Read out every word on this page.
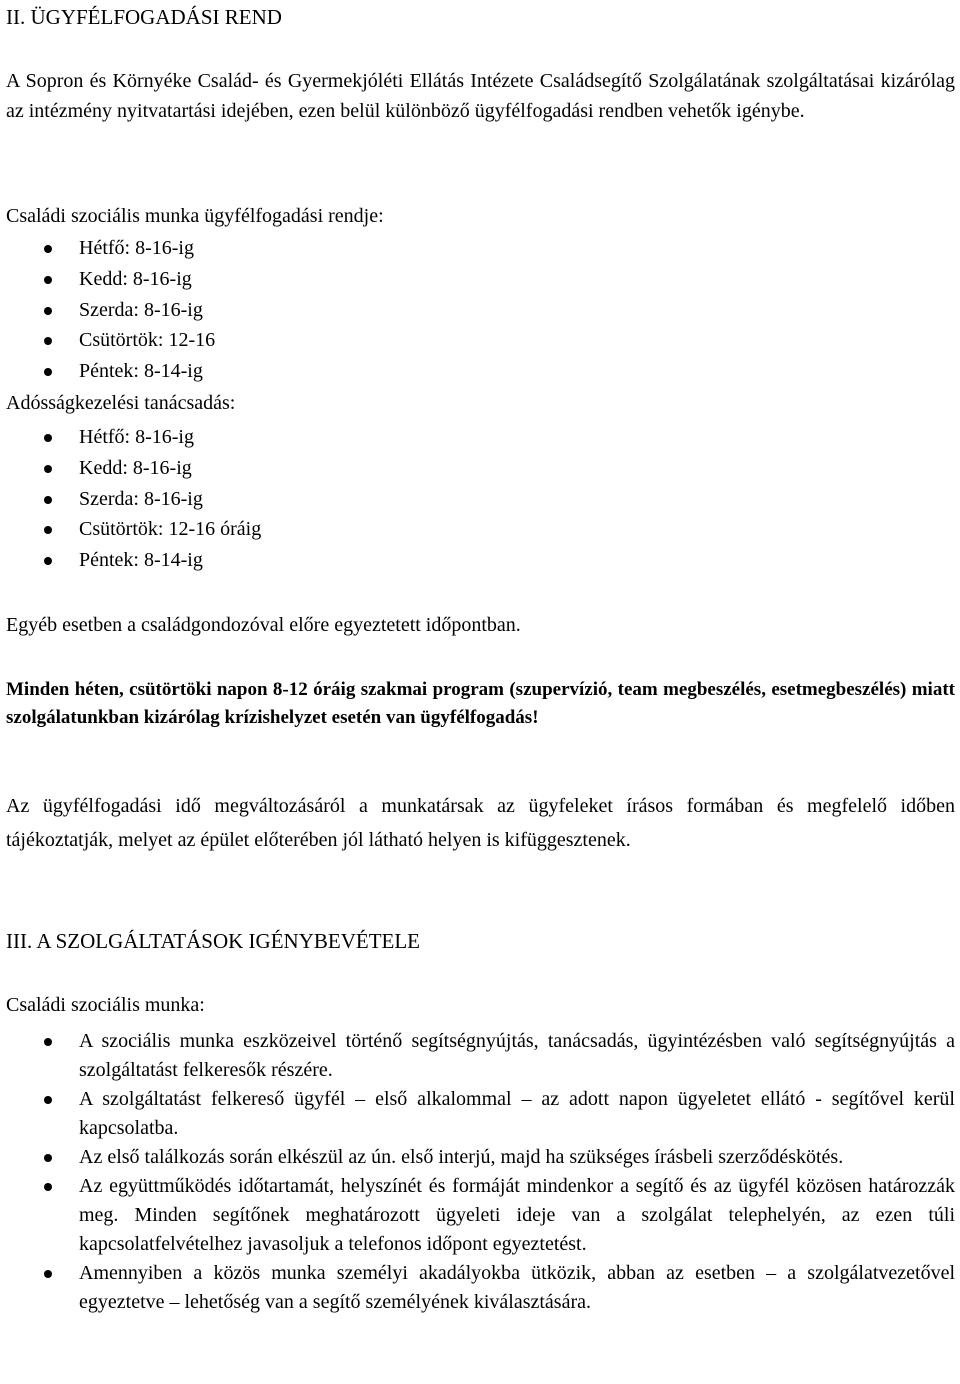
II. ÜGYFÉLFOGADÁSI REND
A Sopron és Környéke Család- és Gyermekjóléti Ellátás Intézete Családsegítő Szolgálatának szolgáltatásai kizárólag az intézmény nyitvatartási idejében, ezen belül különböző ügyfélfogadási rendben vehetők igénybe.
Családi szociális munka ügyfélfogadási rendje:
Hétfő: 8-16-ig
Kedd: 8-16-ig
Szerda: 8-16-ig
Csütörtök: 12-16
Péntek: 8-14-ig
Adósságkezelési tanácsadás:
Hétfő: 8-16-ig
Kedd: 8-16-ig
Szerda: 8-16-ig
Csütörtök: 12-16 óráig
Péntek: 8-14-ig
Egyéb esetben a családgondozóval előre egyeztetett időpontban.
Minden héten, csütörtöki napon 8-12 óráig szakmai program (szupervízió, team megbeszélés, esetmegbeszélés) miatt szolgálatunkban kizárólag krízishelyzet esetén van ügyfélfogadás!
Az ügyfélfogadási idő megváltozásáról a munkatársak az ügyfeleket írásos formában és megfelelő időben tájékoztatják, melyet az épület előterében jól látható helyen is kifüggesztenek.
III. A SZOLGÁLTATÁSOK IGÉNYBEVÉTELE
Családi szociális munka:
A szociális munka eszközeivel történő segítségnyújtás, tanácsadás, ügyintézésben való segítségnyújtás a szolgáltatást felkeresők részére.
A szolgáltatást felkereső ügyfél – első alkalommal – az adott napon ügyeletet ellátó - segítővel kerül kapcsolatba.
Az első találkozás során elkészül az ún. első interjú, majd ha szükséges írásbeli szerződéskötés.
Az együttműködés időtartamát, helyszínét és formáját mindenkor a segítő és az ügyfél közösen határozzák meg. Minden segítőnek meghatározott ügyeleti ideje van a szolgálat telephelyén, az ezen túli kapcsolatfelvételhez javasoljuk a telefonos időpont egyeztetést.
Amennyiben a közös munka személyi akadályokba ütközik, abban az esetben – a szolgálatvezetővel egyeztetve – lehetőség van a segítő személyének kiválasztására.
